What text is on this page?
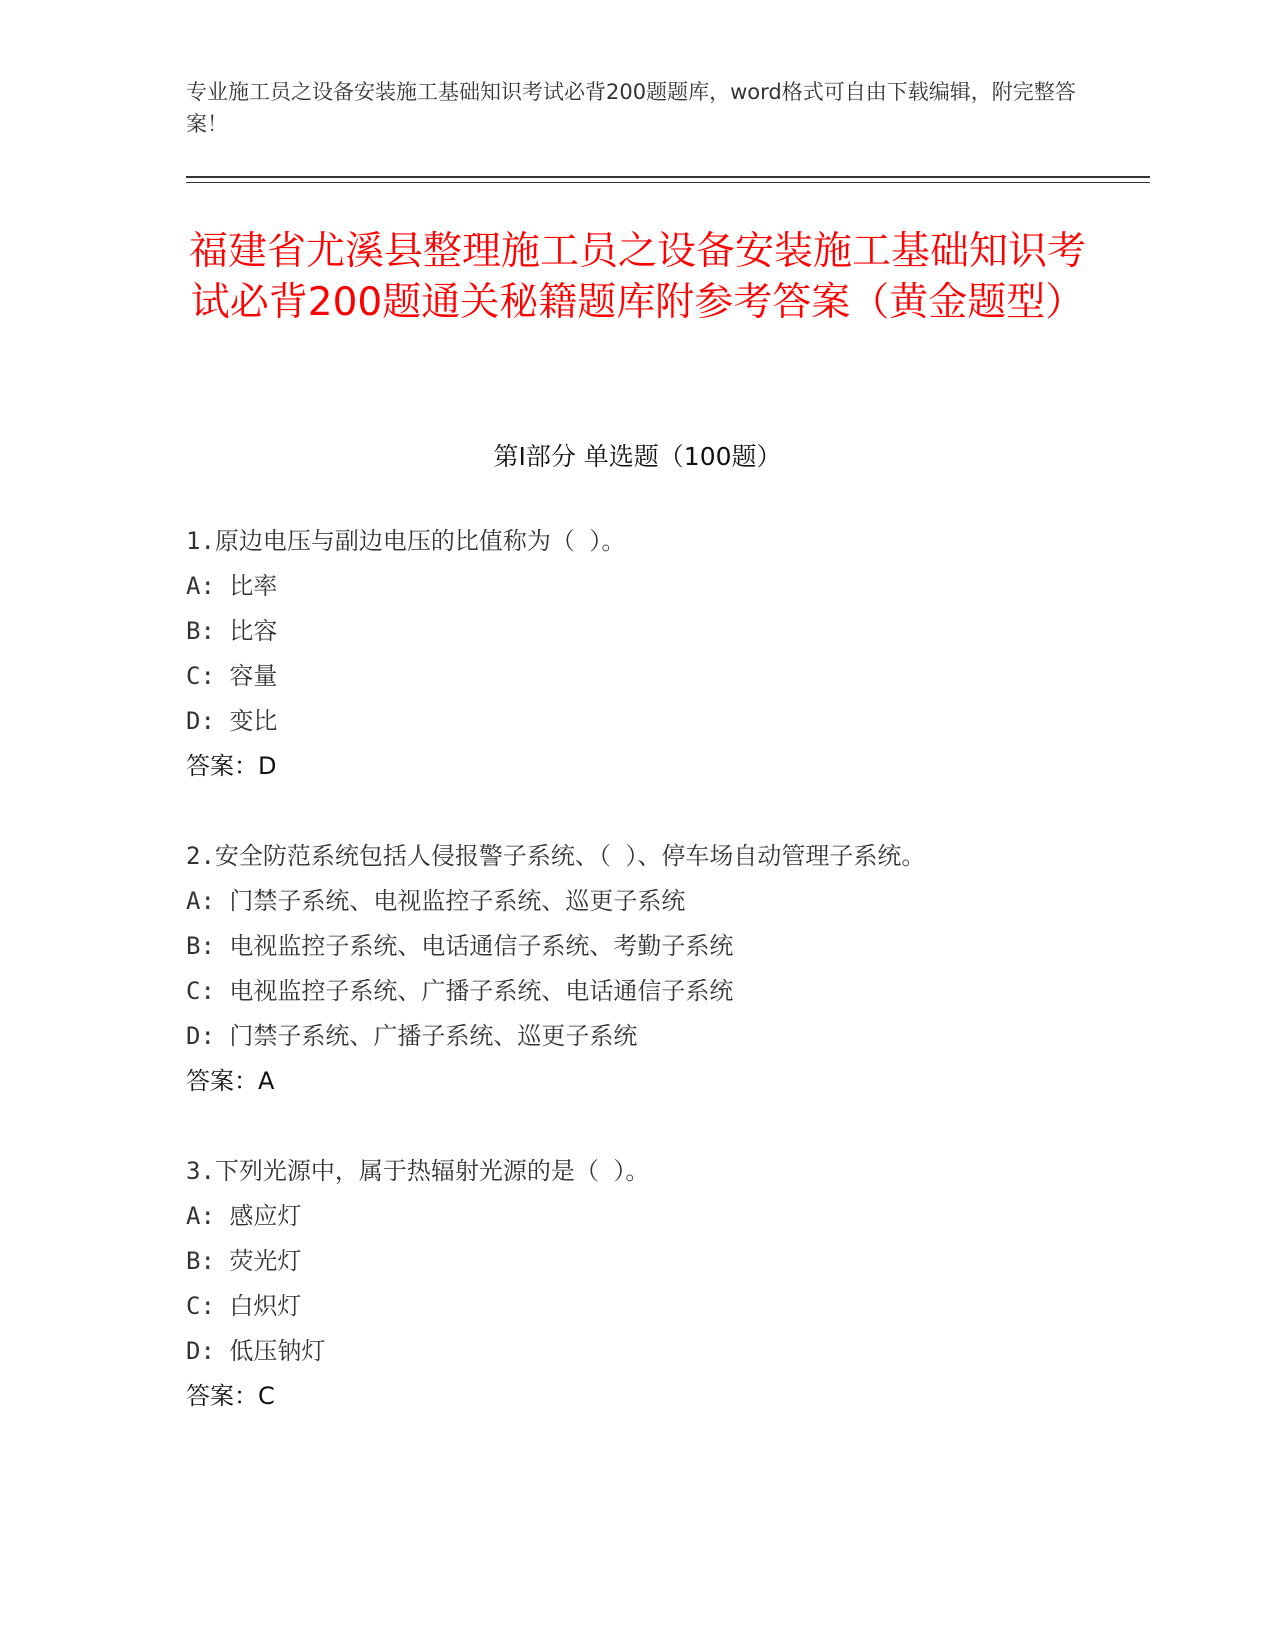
专业施工员之设备安装施工基础知识考试必背200题题库，word格式可自由下载编辑，附完整答案！
福建省尤溪县整理施工员之设备安装施工基础知识考试必背200题通关秘籍题库附参考答案（黄金题型）
第I部分 单选题（100题）
1.原边电压与副边电压的比值称为（ ）。
A: 比率
B: 比容
C: 容量
D: 变比
答案：D
2.安全防范系统包括人侵报警子系统、（ ）、停车场自动管理子系统。
A: 门禁子系统、电视监控子系统、巡更子系统
B: 电视监控子系统、电话通信子系统、考勤子系统
C: 电视监控子系统、广播子系统、电话通信子系统
D: 门禁子系统、广播子系统、巡更子系统
答案：A
3.下列光源中，属于热辐射光源的是（ ）。
A: 感应灯
B: 荧光灯
C: 白炽灯
D: 低压钠灯
答案：C
